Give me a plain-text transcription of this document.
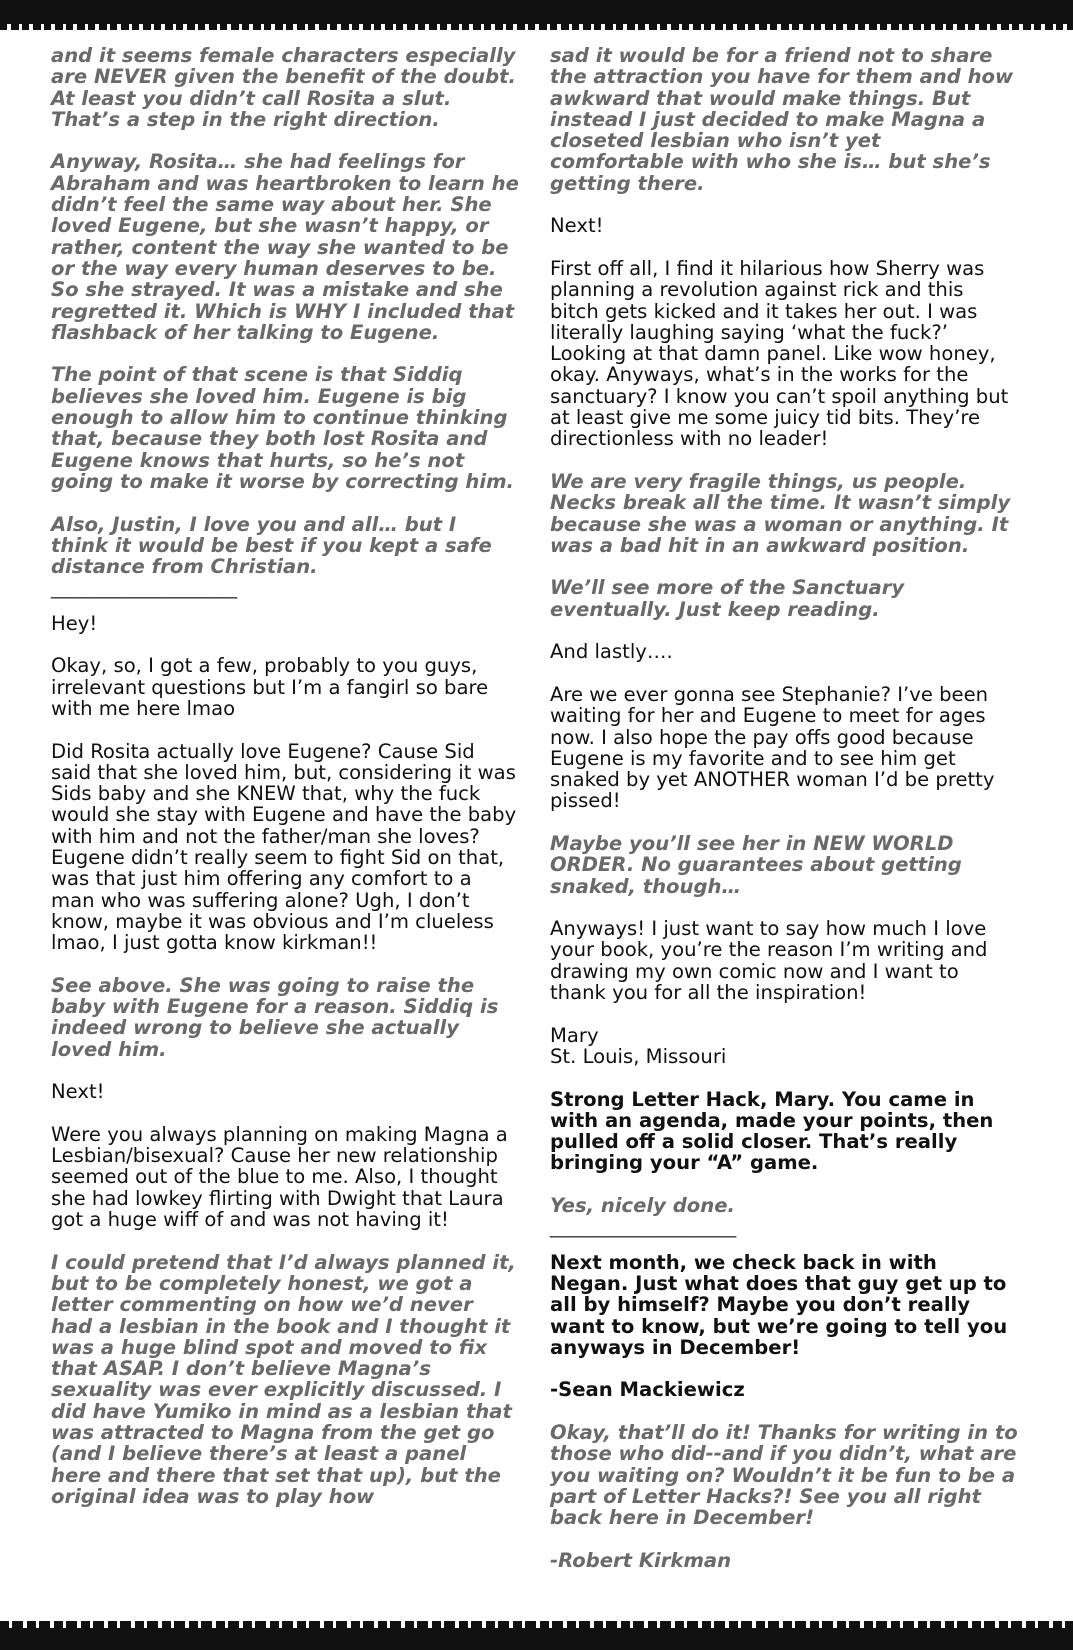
and it seems female characters especially are NEVER given the benefit of the doubt. At least you didn’t call Rosita a slut. That’s a step in the right direction.

Anyway, Rosita… she had feelings for Abraham and was heartbroken to learn he didn’t feel the same way about her. She loved Eugene, but she wasn’t happy, or rather, content the way she wanted to be or the way every human deserves to be. So she strayed. It was a mistake and she regretted it. Which is WHY I included that flashback of her talking to Eugene.

The point of that scene is that Siddiq believes she loved him. Eugene is big enough to allow him to continue thinking that, because they both lost Rosita and Eugene knows that hurts, so he’s not going to make it worse by correcting him.

Also, Justin, I love you and all… but I think it would be best if you kept a safe distance from Christian.

___________________

Hey!

Okay, so, I got a few, probably to you guys, irrelevant questions but I’m a fangirl so bare with me here lmao

Did Rosita actually love Eugene? Cause Sid said that she loved him, but, considering it was Sids baby and she KNEW that, why the fuck would she stay with Eugene and have the baby with him and not the father/man she loves? Eugene didn’t really seem to fight Sid on that, was that just him offering any comfort to a man who was suffering alone? Ugh, I don’t know, maybe it was obvious and I’m clueless lmao, I just gotta know kirkman!!

See above. She was going to raise the baby with Eugene for a reason. Siddiq is indeed wrong to believe she actually loved him.

Next!

Were you always planning on making Magna a Lesbian/bisexual? Cause her new relationship seemed out of the blue to me. Also, I thought she had lowkey flirting with Dwight that Laura got a huge wiff of and was not having it!

I could pretend that I’d always planned it, but to be completely honest, we got a letter commenting on how we’d never had a lesbian in the book and I thought it was a huge blind spot and moved to fix that ASAP. I don’t believe Magna’s sexuality was ever explicitly discussed. I did have Yumiko in mind as a lesbian that was attracted to Magna from the get go (and I believe there’s at least a panel here and there that set that up), but the original idea was to play how

sad it would be for a friend not to share the attraction you have for them and how awkward that would make things. But instead I just decided to make Magna a closeted lesbian who isn’t yet comfortable with who she is… but she’s getting there.

Next!

First off all, I find it hilarious how Sherry was planning a revolution against rick and this bitch gets kicked and it takes her out. I was literally laughing saying ‘what the fuck?’ Looking at that damn panel. Like wow honey, okay. Anyways, what’s in the works for the sanctuary? I know you can’t spoil anything but at least give me some juicy tid bits. They’re directionless with no leader!

We are very fragile things, us people. Necks break all the time. It wasn’t simply because she was a woman or anything. It was a bad hit in an awkward position.

We’ll see more of the Sanctuary eventually. Just keep reading.

And lastly….

Are we ever gonna see Stephanie? I’ve been waiting for her and Eugene to meet for ages now. I also hope the pay offs good because Eugene is my favorite and to see him get snaked by yet ANOTHER woman I’d be pretty pissed!

Maybe you’ll see her in NEW WORLD ORDER. No guarantees about getting snaked, though…

Anyways! I just want to say how much I love your book, you’re the reason I’m writing and drawing my own comic now and I want to thank you for all the inspiration!

Mary
St. Louis, Missouri

Strong Letter Hack, Mary. You came in with an agenda, made your points, then pulled off a solid closer. That’s really bringing your “A” game.

Yes, nicely done.

___________________

Next month, we check back in with Negan. Just what does that guy get up to all by himself? Maybe you don’t really want to know, but we’re going to tell you anyways in December!

-Sean Mackiewicz

Okay, that’ll do it! Thanks for writing in to those who did--and if you didn’t, what are you waiting on? Wouldn’t it be fun to be a part of Letter Hacks?! See you all right back here in December!

-Robert Kirkman
